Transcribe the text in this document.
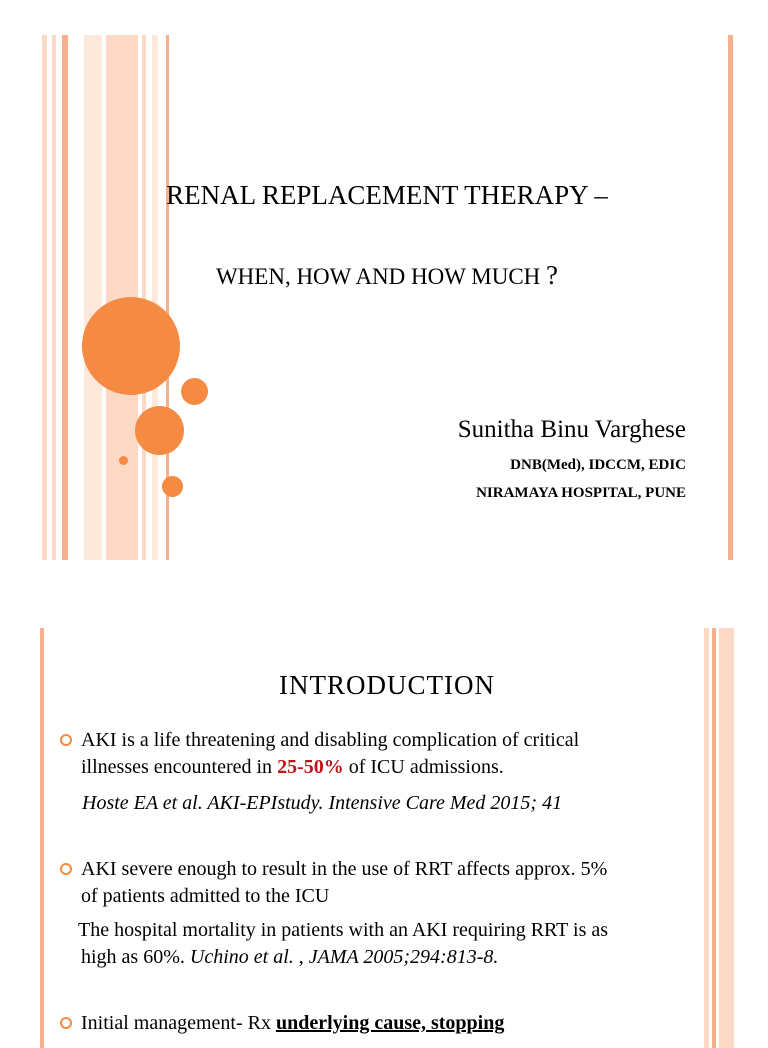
RENAL REPLACEMENT THERAPY –
WHEN, HOW AND HOW MUCH ?
Sunitha Binu Varghese
DNB(Med), IDCCM, EDIC
NIRAMAYA HOSPITAL, PUNE
INTRODUCTION
AKI is a life threatening and disabling complication of critical
illnesses encountered in 25-50% of ICU admissions.
Hoste EA et al. AKI-EPIstudy. Intensive Care Med 2015; 41
AKI severe enough to result in the use of RRT affects approx. 5%
of patients admitted to the ICU
The hospital mortality in patients with an AKI requiring RRT is as
high as 60%. Uchino et al. , JAMA 2005;294:813-8.
Initial management- Rx underlying cause, stopping
